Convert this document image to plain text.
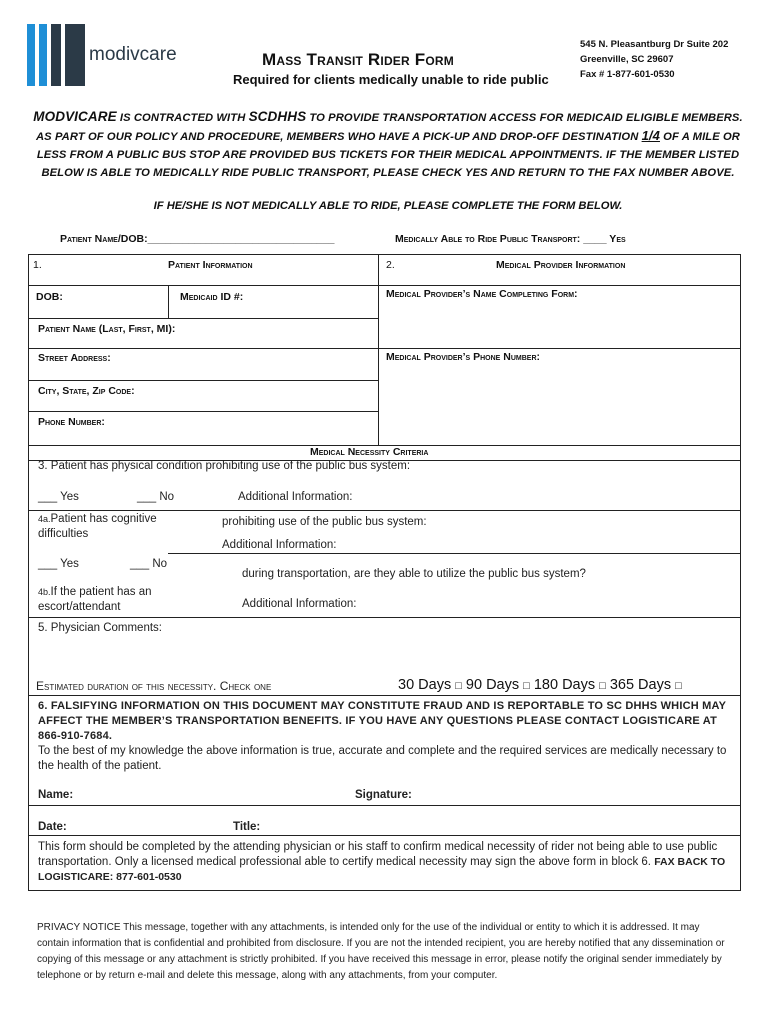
modivcare	Mass Transit Rider Form
Required for clients medically unable to ride public
545 N. Pleasantburg Dr Suite 202
Greenville, SC 29607
Fax # 1-877-601-0530
MODVICARE IS CONTRACTED WITH SCDHHS TO PROVIDE TRANSPORTATION ACCESS FOR MEDICAID ELIGIBLE MEMBERS. AS PART OF OUR POLICY AND PROCEDURE, MEMBERS WHO HAVE A PICK-UP AND DROP-OFF DESTINATION 1/4 OF A MILE OR LESS FROM A PUBLIC BUS STOP ARE PROVIDED BUS TICKETS FOR THEIR MEDICAL APPOINTMENTS. IF THE MEMBER LISTED BELOW IS ABLE TO MEDICALLY RIDE PUBLIC TRANSPORT, PLEASE CHECK YES AND RETURN TO THE FAX NUMBER ABOVE.
IF HE/SHE IS NOT MEDICALLY ABLE TO RIDE, PLEASE COMPLETE THE FORM BELOW.
Patient Name/DOB:________________________________	Medically Able to Ride Public Transport: ____ Yes
1.	Patient Information
DOB:	Medicaid ID #:
Patient Name (Last, First, MI):
Street Address:
City, State, Zip Code:
Phone Number:
2.	Medical Provider Information
Medical Provider’s Name Completing Form:
Medical Provider’s Phone Number:
Medical Necessity Criteria
3. Patient has physical condition prohibiting use of the public bus system:
___ Yes	___ No	Additional Information:
4a.Patient has cognitive difficulties
prohibiting use of the public bus system:
Additional Information:
___ Yes	___ No
during transportation, are they able to utilize the public bus system?
4b.If the patient has an escort/attendant	Additional Information:
5. Physician Comments:
Estimated duration of this necessity. Check one	30 Days □ 90 Days □ 180 Days □ 365 Days □
6. FALSIFYING INFORMATION ON THIS DOCUMENT MAY CONSTITUTE FRAUD AND IS REPORTABLE TO SC DHHS WHICH MAY AFFECT THE MEMBER’S TRANSPORTATION BENEFITS. IF YOU HAVE ANY QUESTIONS PLEASE CONTACT LOGISTICARE AT 866-910-7684.
To the best of my knowledge the above information is true, accurate and complete and the required services are medically necessary to the health of the patient.
Name:	Signature:
Date:	Title:
This form should be completed by the attending physician or his staff to confirm medical necessity of rider not being able to use public transportation. Only a licensed medical professional able to certify medical necessity may sign the above form in block 6. FAX BACK TO LOGISTICARE: 877-601-0530
PRIVACY NOTICE This message, together with any attachments, is intended only for the use of the individual or entity to which it is addressed. It may contain information that is confidential and prohibited from disclosure. If you are not the intended recipient, you are hereby notified that any dissemination or copying of this message or any attachment is strictly prohibited. If you have received this message in error, please notify the original sender immediately by telephone or by return e-mail and delete this message, along with any attachments, from your computer.
